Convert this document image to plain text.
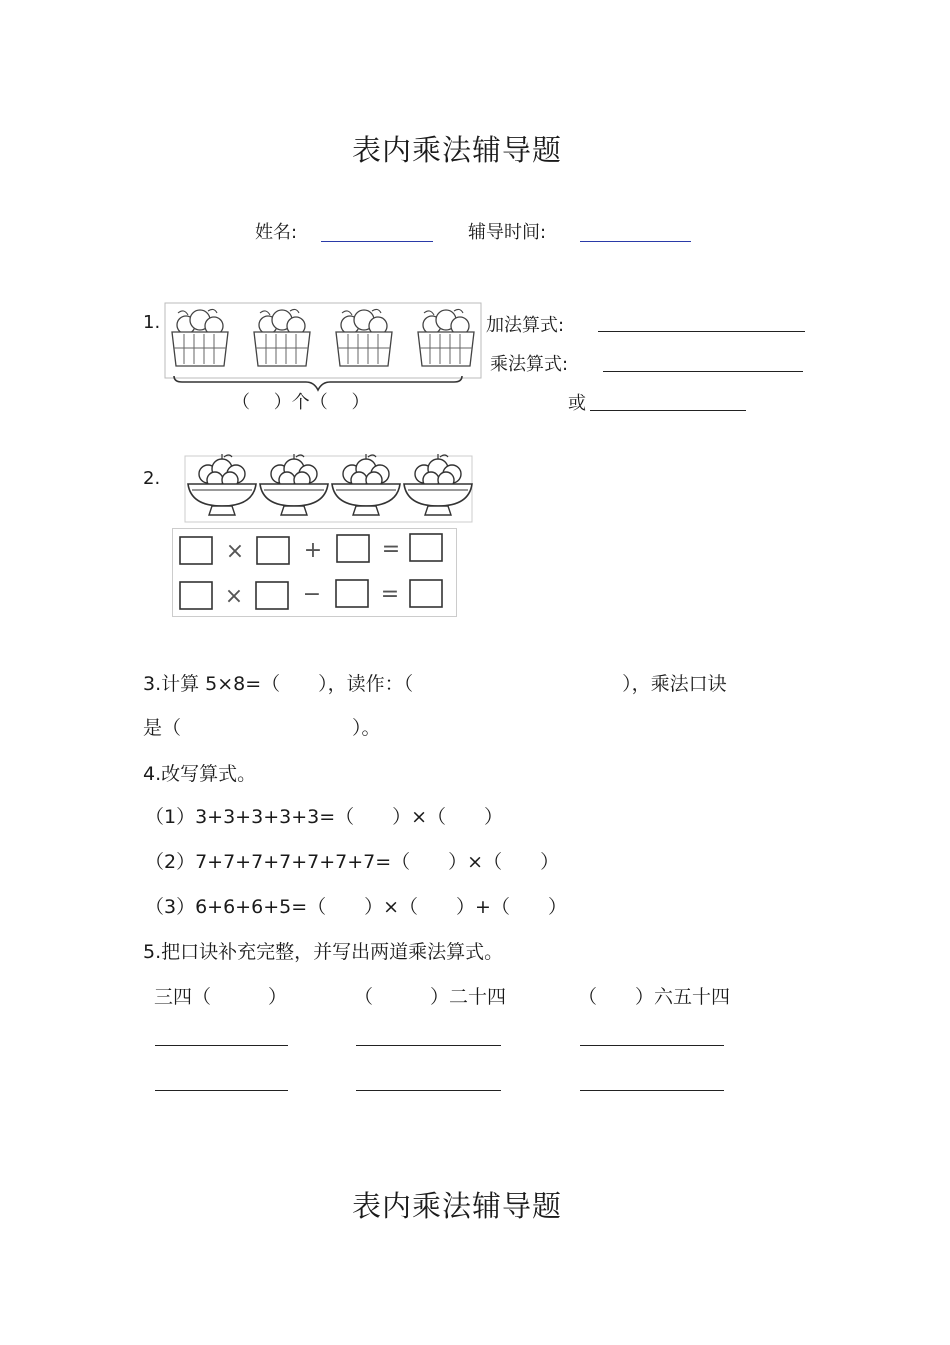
表内乘法辅导题
姓名:	辅导时间:
1.
（　 ）个（　 ）
加法算式:
乘法算式:
或
2.
×	+	=
×	−	=
3.计算 5×8=（　　），读作：（　　　　　　　　　　　），乘法口诀
是（　　　　　　　　　）。
4.改写算式。
（1）3+3+3+3+3=（　　）×（　　）
（2）7+7+7+7+7+7+7=（　　）×（　　）
（3）6+6+6+5=（　　）×（　　）+（　　）
5.把口诀补充完整，并写出两道乘法算式。
三四（　　　）	（　　　）二十四	（　　）六五十四
表内乘法辅导题
